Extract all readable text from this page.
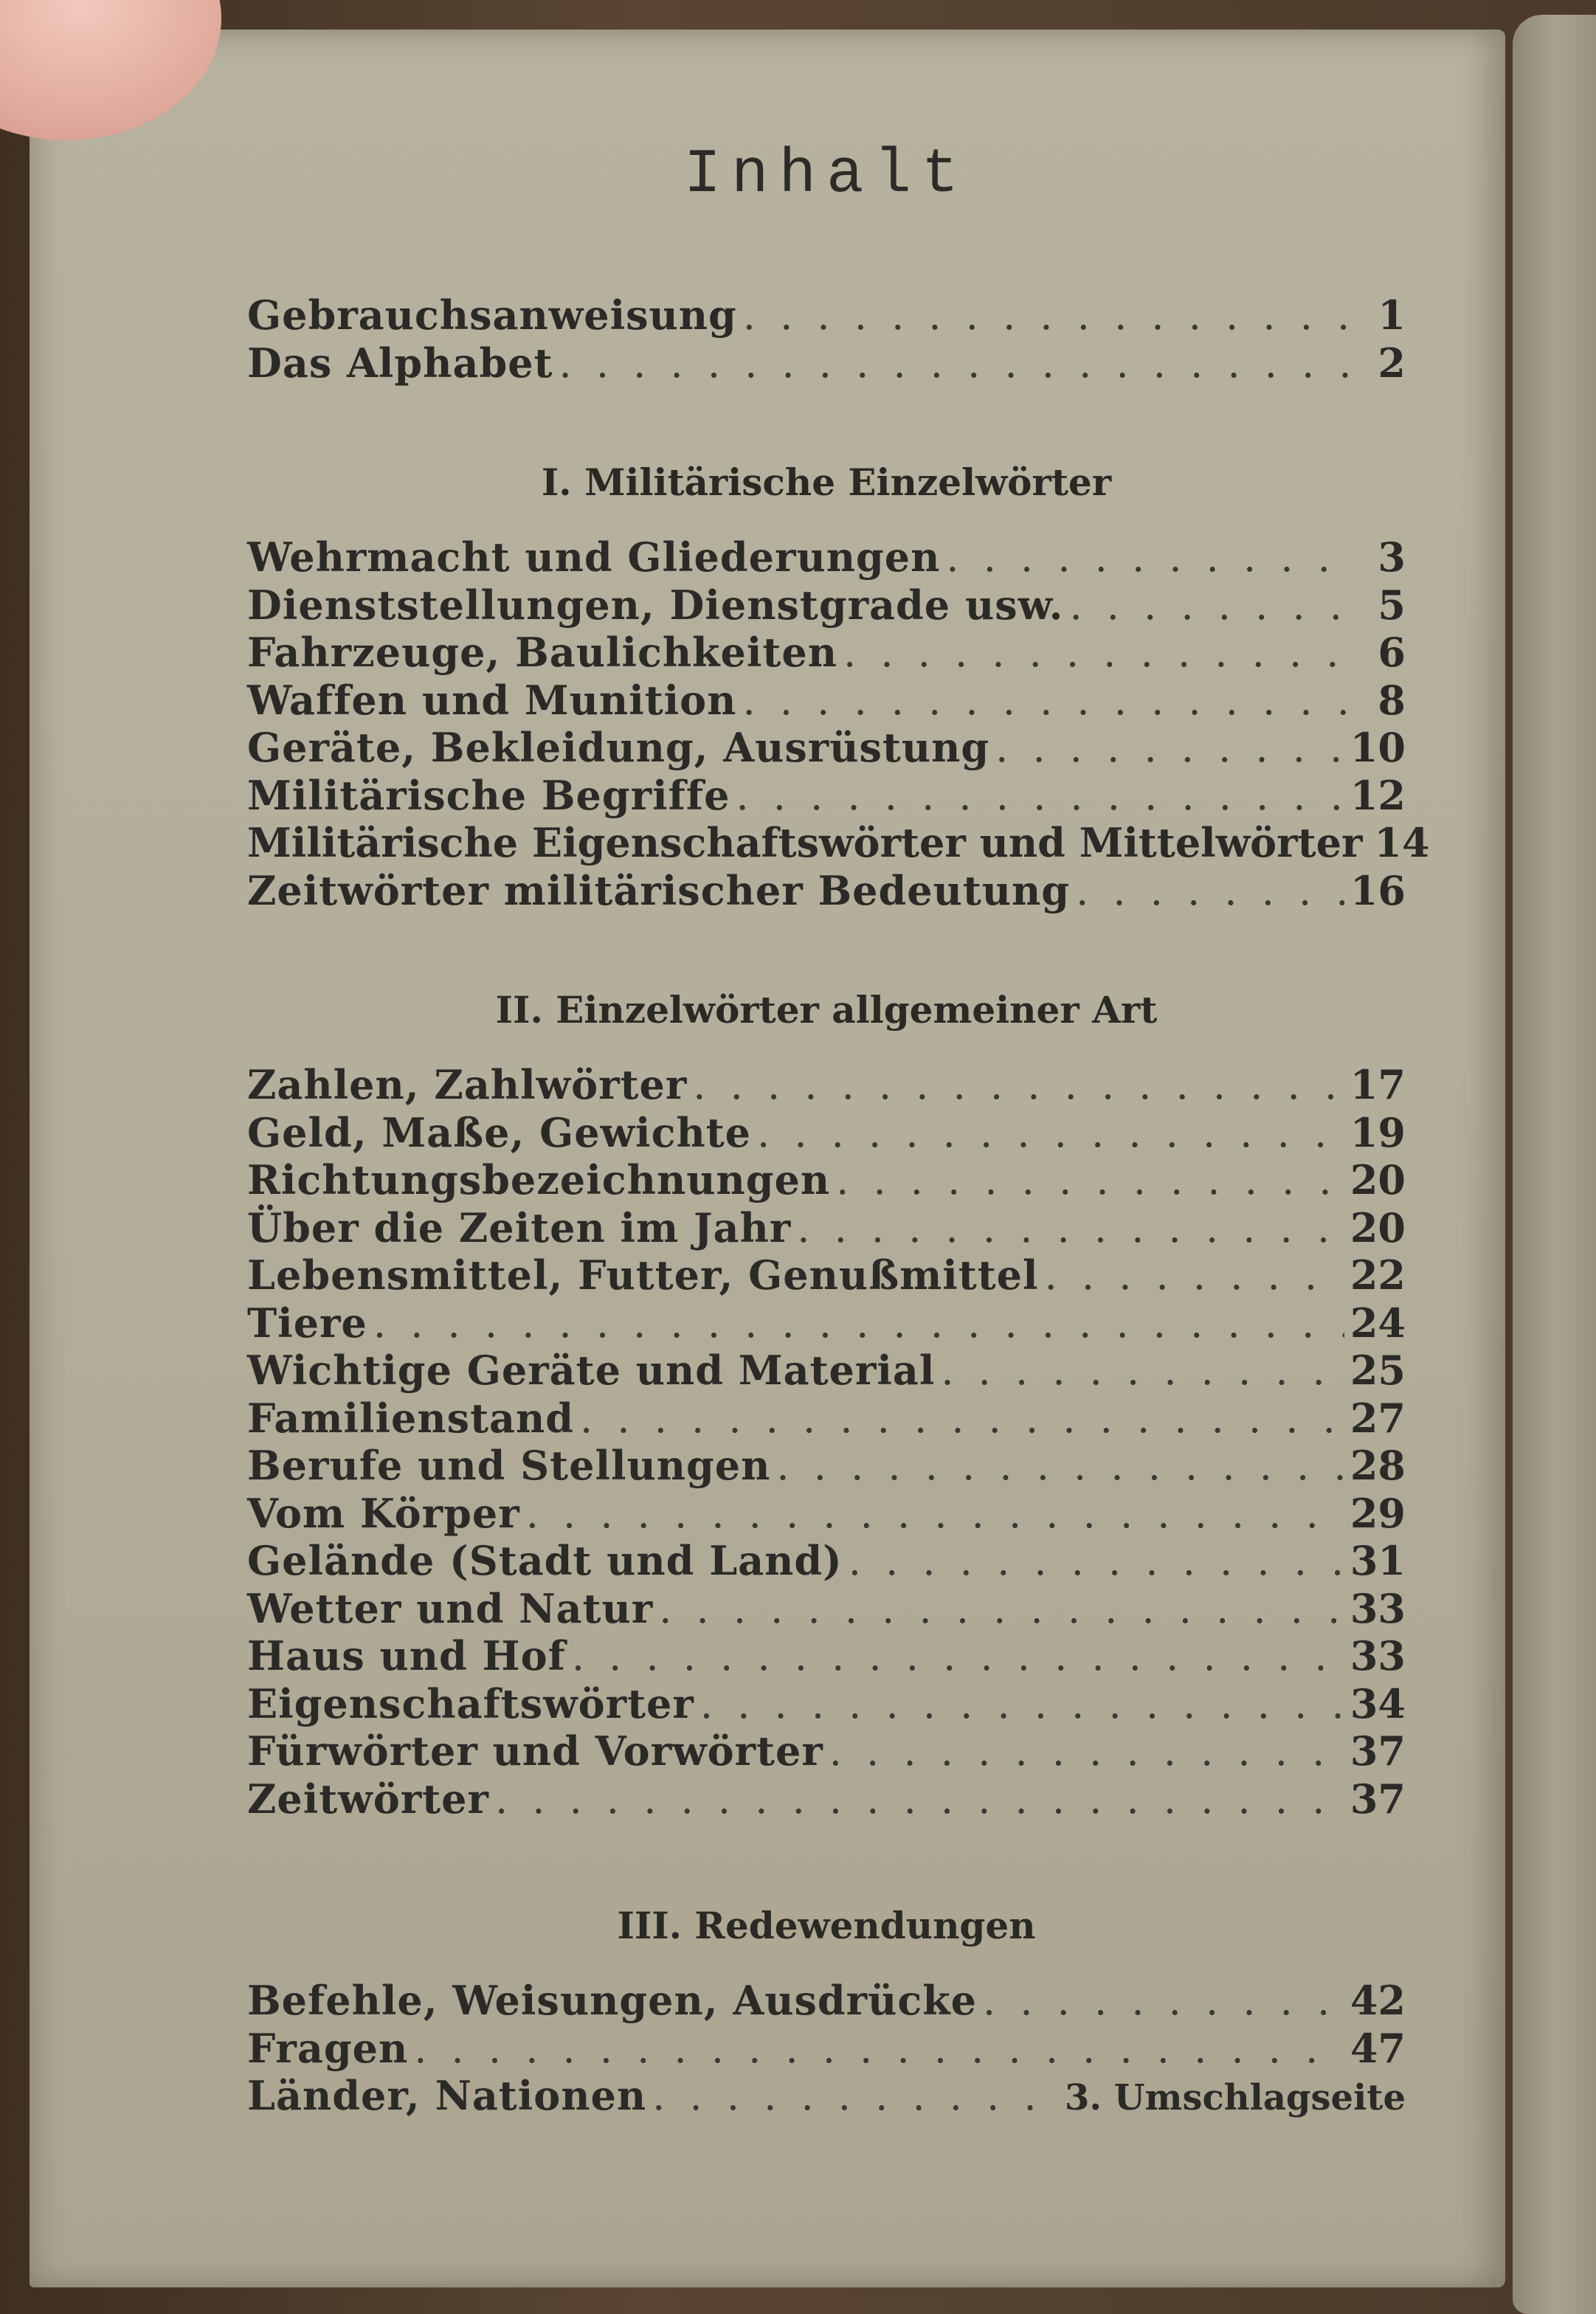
Inhalt
Gebrauchsanweisung . . .	1
Das Alphabet . . .	2
I. Militärische Einzelwörter
Wehrmacht und Gliederungen . . .	3
Dienststellungen, Dienstgrade usw. . . .	5
Fahrzeuge, Baulichkeiten . . .	6
Waffen und Munition . . .	8
Geräte, Bekleidung, Ausrüstung . . .	10
Militärische Begriffe . . .	12
Militärische Eigenschaftswörter und Mittelwörter 14
Zeitwörter militärischer Bedeutung . . .	16
II. Einzelwörter allgemeiner Art
Zahlen, Zahlwörter . . .	17
Geld, Maße, Gewichte . . .	19
Richtungsbezeichnungen . . .	20
Über die Zeiten im Jahr . . .	20
Lebensmittel, Futter, Genußmittel . . .	22
Tiere . . .	24
Wichtige Geräte und Material . . .	25
Familienstand . . .	27
Berufe und Stellungen . . .	28
Vom Körper . . .	29
Gelände (Stadt und Land) . . .	31
Wetter und Natur . . .	33
Haus und Hof . . .	33
Eigenschaftswörter . . .	34
Fürwörter und Vorwörter . . .	37
Zeitwörter . . .	37
III. Redewendungen
Befehle, Weisungen, Ausdrücke . . .	42
Fragen . . .	47
Länder, Nationen . . .	3. Umschlagseite
